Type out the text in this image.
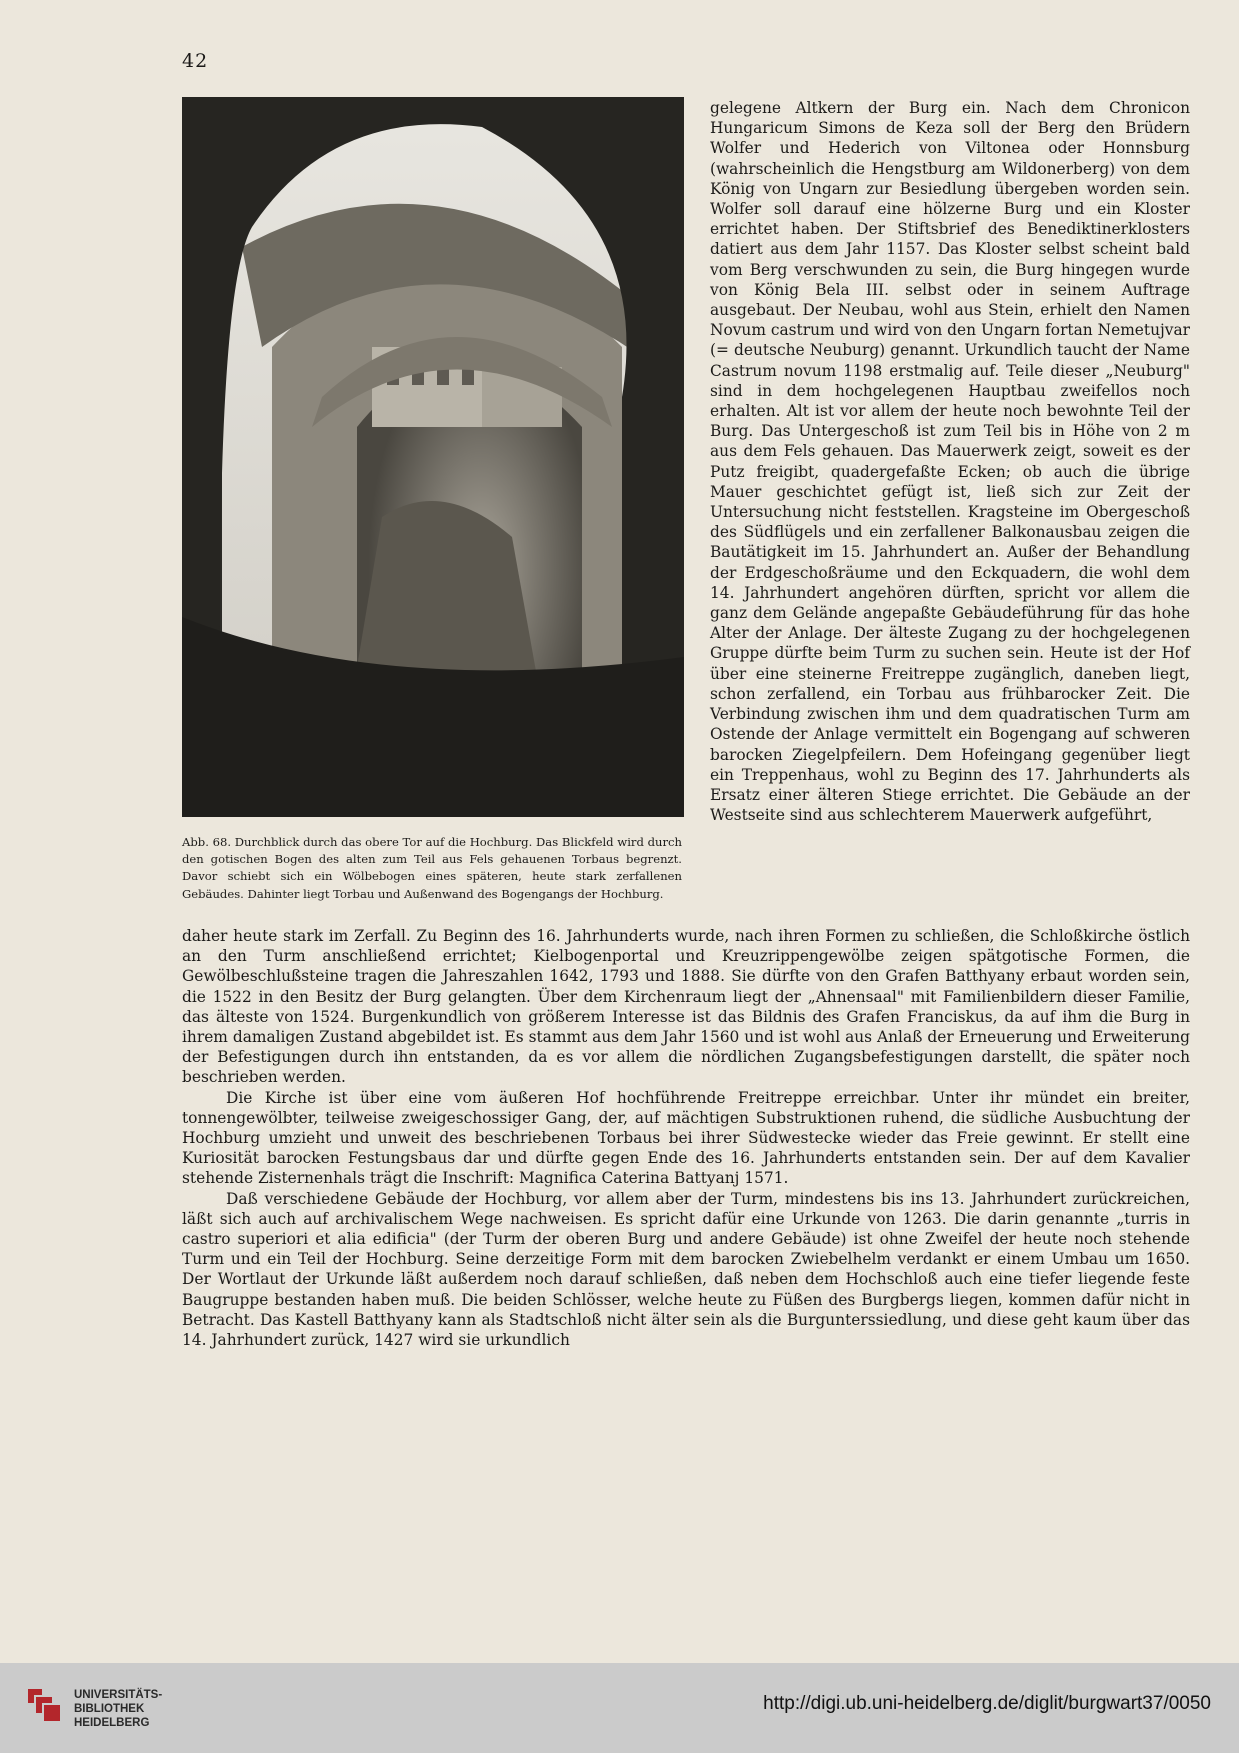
42

Abb. 68. Durchblick durch das obere Tor auf die Hochburg. Das Blickfeld wird durch den gotischen Bogen des alten zum Teil aus Fels gehauenen Torbaus begrenzt. Davor schiebt sich ein Wölbebogen eines späteren, heute stark zerfallenen Gebäudes. Dahinter liegt Torbau und Außenwand des Bogengangs der Hochburg.

gelegene Altkern der Burg ein. Nach dem Chronicon Hungaricum Simons de Keza soll der Berg den Brüdern Wolfer und Hederich von Viltonea oder Honnsburg (wahrscheinlich die Hengstburg am Wildonerberg) von dem König von Ungarn zur Besiedlung übergeben worden sein. Wolfer soll darauf eine hölzerne Burg und ein Kloster errichtet haben. Der Stiftsbrief des Benediktinerklosters datiert aus dem Jahr 1157. Das Kloster selbst scheint bald vom Berg verschwunden zu sein, die Burg hingegen wurde von König Bela III. selbst oder in seinem Auftrage ausgebaut. Der Neubau, wohl aus Stein, erhielt den Namen Novum castrum und wird von den Ungarn fortan Nemetujvar (= deutsche Neuburg) genannt. Urkundlich taucht der Name Castrum novum 1198 erstmalig auf. Teile dieser „Neuburg" sind in dem hochgelegenen Hauptbau zweifellos noch erhalten. Alt ist vor allem der heute noch bewohnte Teil der Burg. Das Untergeschoß ist zum Teil bis in Höhe von 2 m aus dem Fels gehauen. Das Mauerwerk zeigt, soweit es der Putz freigibt, quadergefaßte Ecken; ob auch die übrige Mauer geschichtet gefügt ist, ließ sich zur Zeit der Untersuchung nicht feststellen. Kragsteine im Obergeschoß des Südflügels und ein zerfallener Balkonausbau zeigen die Bautätigkeit im 15. Jahrhundert an. Außer der Behandlung der Erdgeschoßräume und den Eckquadern, die wohl dem 14. Jahrhundert angehören dürften, spricht vor allem die ganz dem Gelände angepaßte Gebäudeführung für das hohe Alter der Anlage. Der älteste Zugang zu der hochgelegenen Gruppe dürfte beim Turm zu suchen sein. Heute ist der Hof über eine steinerne Freitreppe zugänglich, daneben liegt, schon zerfallend, ein Torbau aus frühbarocker Zeit. Die Verbindung zwischen ihm und dem quadratischen Turm am Ostende der Anlage vermittelt ein Bogengang auf schweren barocken Ziegelpfeilern. Dem Hofeingang gegenüber liegt ein Treppenhaus, wohl zu Beginn des 17. Jahrhunderts als Ersatz einer älteren Stiege errichtet. Die Gebäude an der Westseite sind aus schlechterem Mauerwerk aufgeführt,

daher heute stark im Zerfall. Zu Beginn des 16. Jahrhunderts wurde, nach ihren Formen zu schließen, die Schloßkirche östlich an den Turm anschließend errichtet; Kielbogenportal und Kreuzrippengewölbe zeigen spätgotische Formen, die Gewölbeschlußsteine tragen die Jahreszahlen 1642, 1793 und 1888. Sie dürfte von den Grafen Batthyany erbaut worden sein, die 1522 in den Besitz der Burg gelangten. Über dem Kirchenraum liegt der „Ahnensaal" mit Familienbildern dieser Familie, das älteste von 1524. Burgenkundlich von größerem Interesse ist das Bildnis des Grafen Franciskus, da auf ihm die Burg in ihrem damaligen Zustand abgebildet ist. Es stammt aus dem Jahr 1560 und ist wohl aus Anlaß der Erneuerung und Erweiterung der Befestigungen durch ihn entstanden, da es vor allem die nördlichen Zugangsbefestigungen darstellt, die später noch beschrieben werden.

Die Kirche ist über eine vom äußeren Hof hochführende Freitreppe erreichbar. Unter ihr mündet ein breiter, tonnengewölbter, teilweise zweigeschossiger Gang, der, auf mächtigen Substruktionen ruhend, die südliche Ausbuchtung der Hochburg umzieht und unweit des beschriebenen Torbaus bei ihrer Südwestecke wieder das Freie gewinnt. Er stellt eine Kuriosität barocken Festungsbaus dar und dürfte gegen Ende des 16. Jahrhunderts entstanden sein. Der auf dem Kavalier stehende Zisternenhals trägt die Inschrift: Magnifica Caterina Battyanj 1571.

Daß verschiedene Gebäude der Hochburg, vor allem aber der Turm, mindestens bis ins 13. Jahrhundert zurückreichen, läßt sich auch auf archivalischem Wege nachweisen. Es spricht dafür eine Urkunde von 1263. Die darin genannte „turris in castro superiori et alia edificia" (der Turm der oberen Burg und andere Gebäude) ist ohne Zweifel der heute noch stehende Turm und ein Teil der Hochburg. Seine derzeitige Form mit dem barocken Zwiebelhelm verdankt er einem Umbau um 1650. Der Wortlaut der Urkunde läßt außerdem noch darauf schließen, daß neben dem Hochschloß auch eine tiefer liegende feste Baugruppe bestanden haben muß. Die beiden Schlösser, welche heute zu Füßen des Burgbergs liegen, kommen dafür nicht in Betracht. Das Kastell Batthyany kann als Stadtschloß nicht älter sein als die Burgunterssiedlung, und diese geht kaum über das 14. Jahrhundert zurück, 1427 wird sie urkundlich

UNIVERSITÄTS-
BIBLIOTHEK
HEIDELBERG

http://digi.ub.uni-heidelberg.de/diglit/burgwart37/0050
